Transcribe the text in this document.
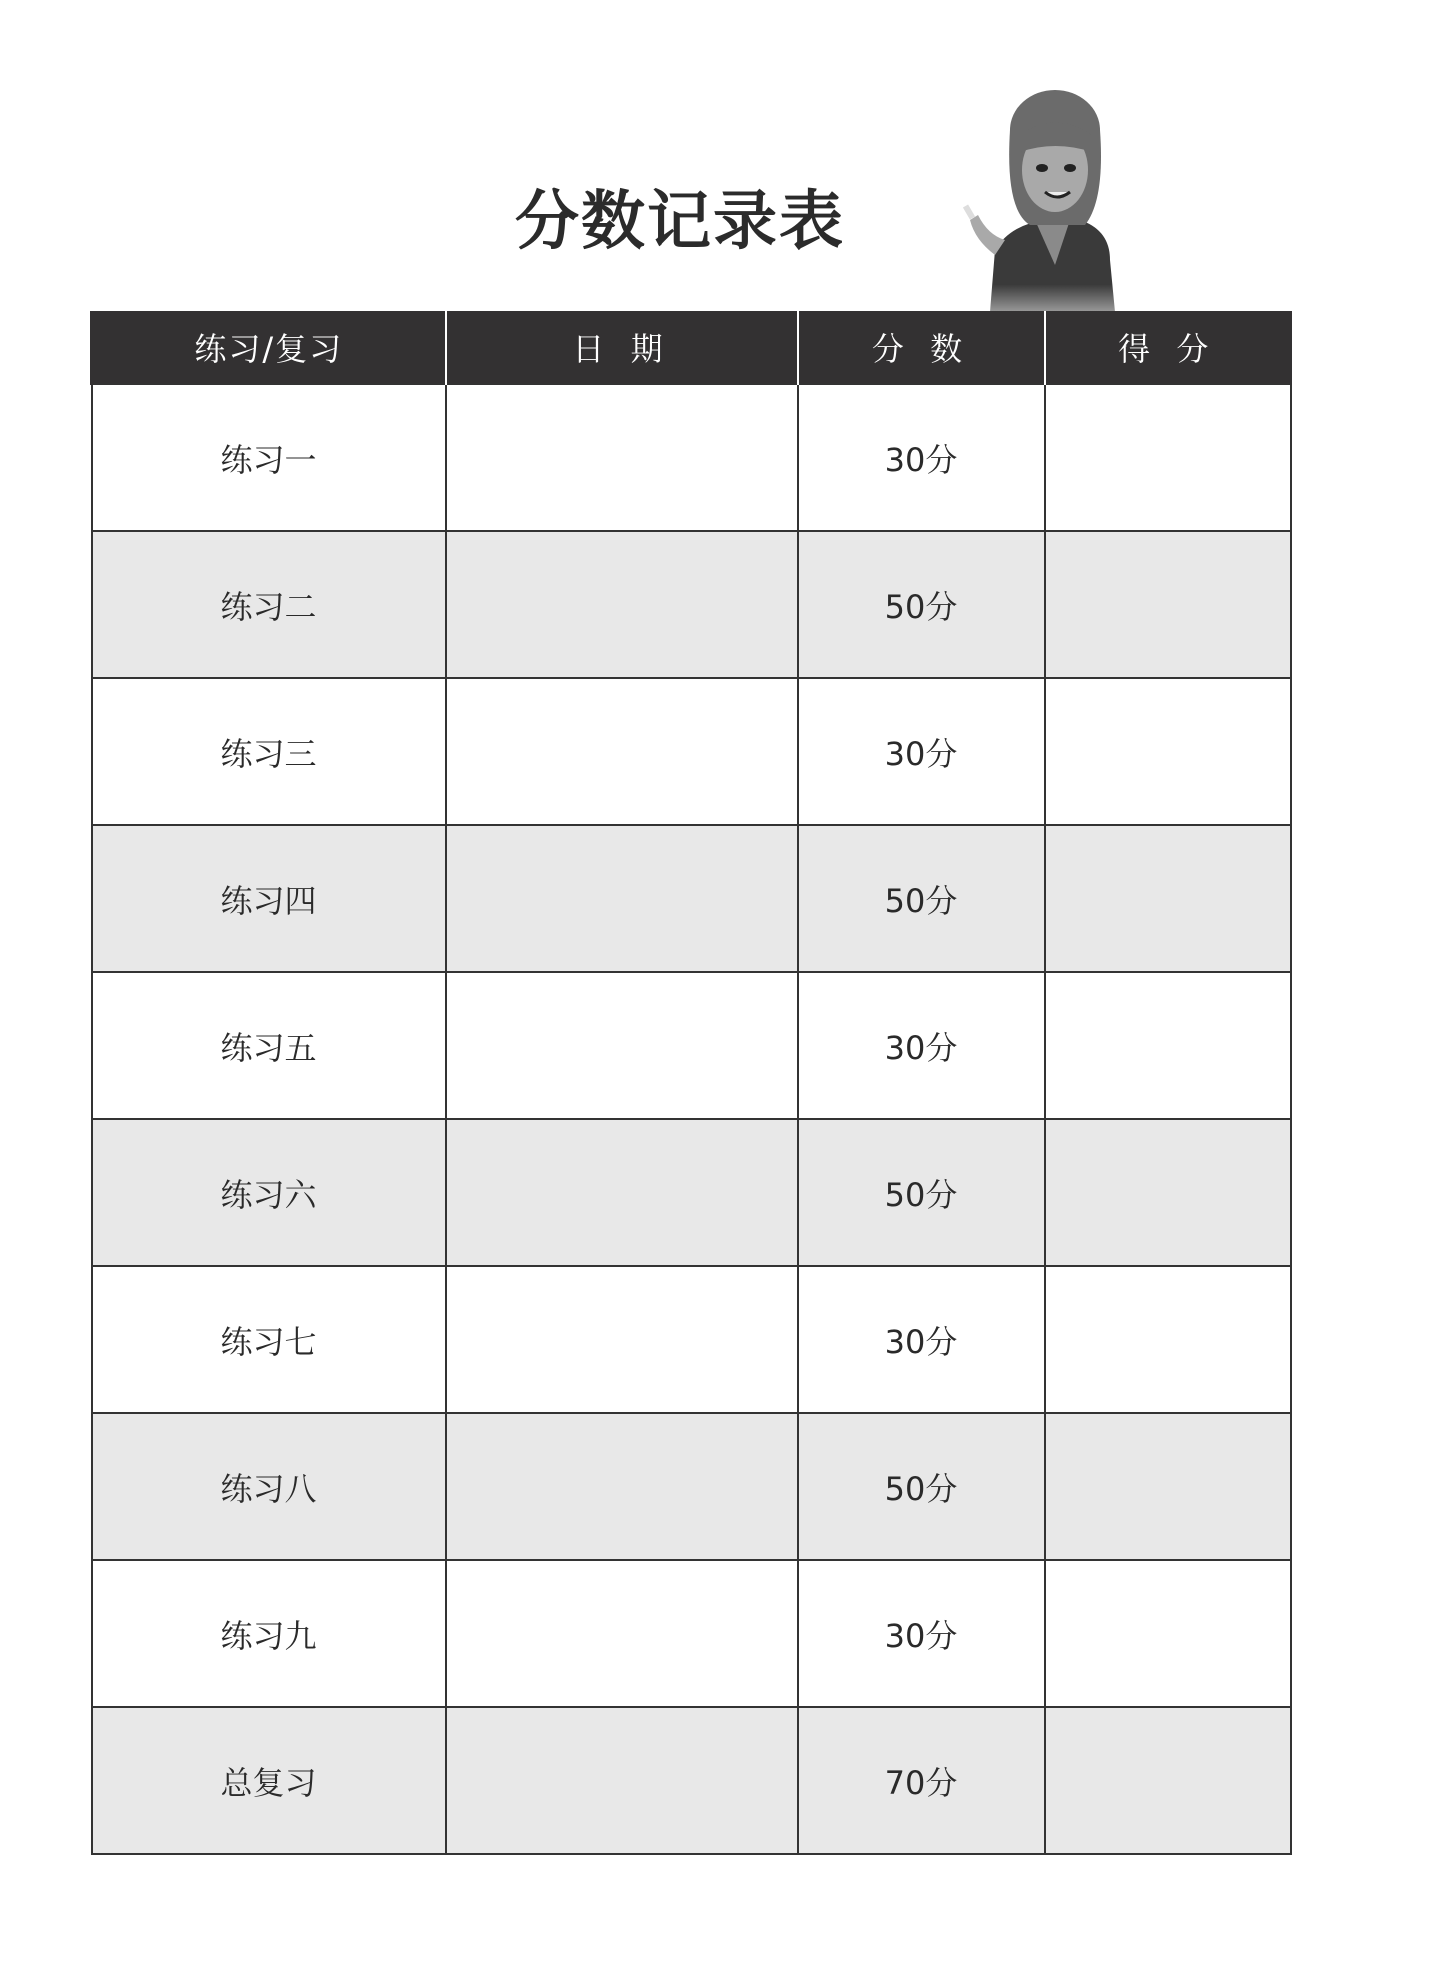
分数记录表
练习/复习	日 期	分 数	得 分
练习一		30分	
练习二		50分	
练习三		30分	
练习四		50分	
练习五		30分	
练习六		50分	
练习七		30分	
练习八		50分	
练习九		30分	
总复习		70分	
